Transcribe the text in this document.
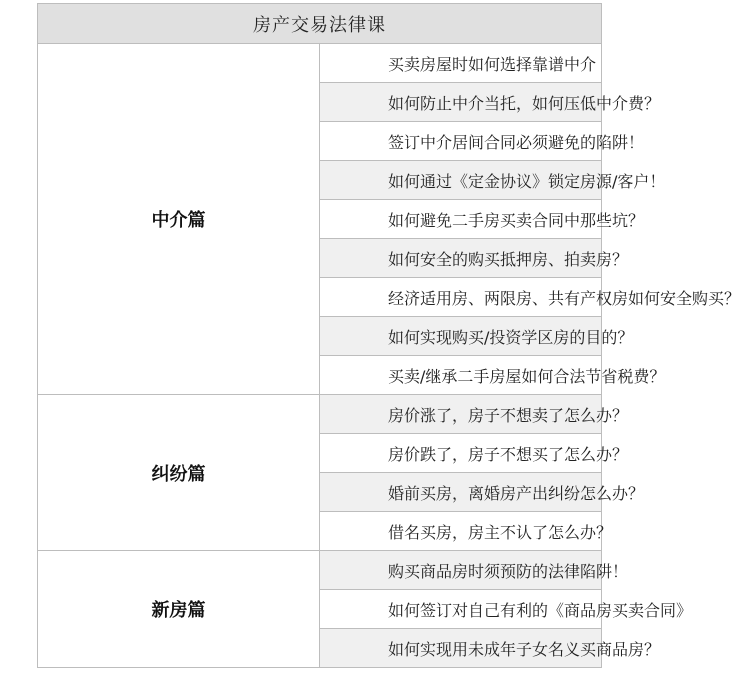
房产交易法律课	
中介篇	买卖房屋时如何选择靠谱中介
	如何防止中介当托，如何压低中介费？
	签订中介居间合同必须避免的陷阱！
	如何通过《定金协议》锁定房源/客户！
	如何避免二手房买卖合同中那些坑？
	如何安全的购买抵押房、拍卖房？
	经济适用房、两限房、共有产权房如何安全购买？
	如何实现购买/投资学区房的目的？
	买卖/继承二手房屋如何合法节省税费？
纠纷篇	房价涨了，房子不想卖了怎么办？
	房价跌了，房子不想买了怎么办？
	婚前买房，离婚房产出纠纷怎么办？
	借名买房，房主不认了怎么办？
新房篇	购买商品房时须预防的法律陷阱！
	如何签订对自己有利的《商品房买卖合同》
	如何实现用未成年子女名义买商品房？
